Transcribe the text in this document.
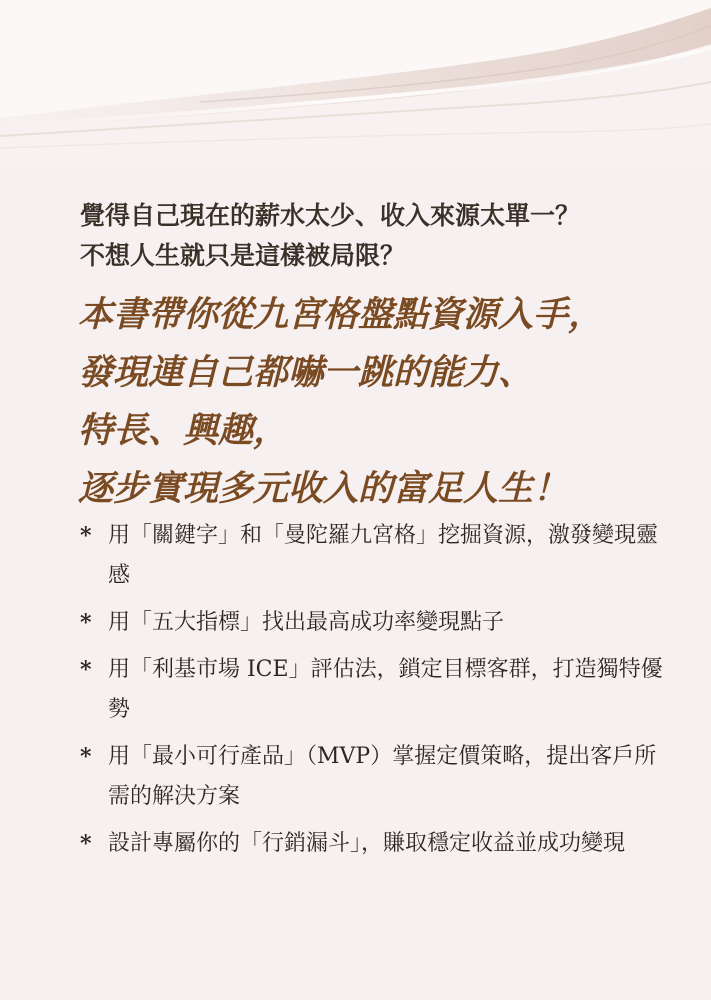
覺得自己現在的薪水太少、收入來源太單一？
不想人生就只是這樣被局限？
本書帶你從九宮格盤點資源入手，
發現連自己都嚇一跳的能力、
特長、興趣，
逐步實現多元收入的富足人生！
* 用「關鍵字」和「曼陀羅九宮格」挖掘資源，激發變現靈感
* 用「五大指標」找出最高成功率變現點子
* 用「利基市場 ICE」評估法，鎖定目標客群，打造獨特優勢
* 用「最小可行產品」（MVP）掌握定價策略，提出客戶所需的解決方案
* 設計專屬你的「行銷漏斗」，賺取穩定收益並成功變現
